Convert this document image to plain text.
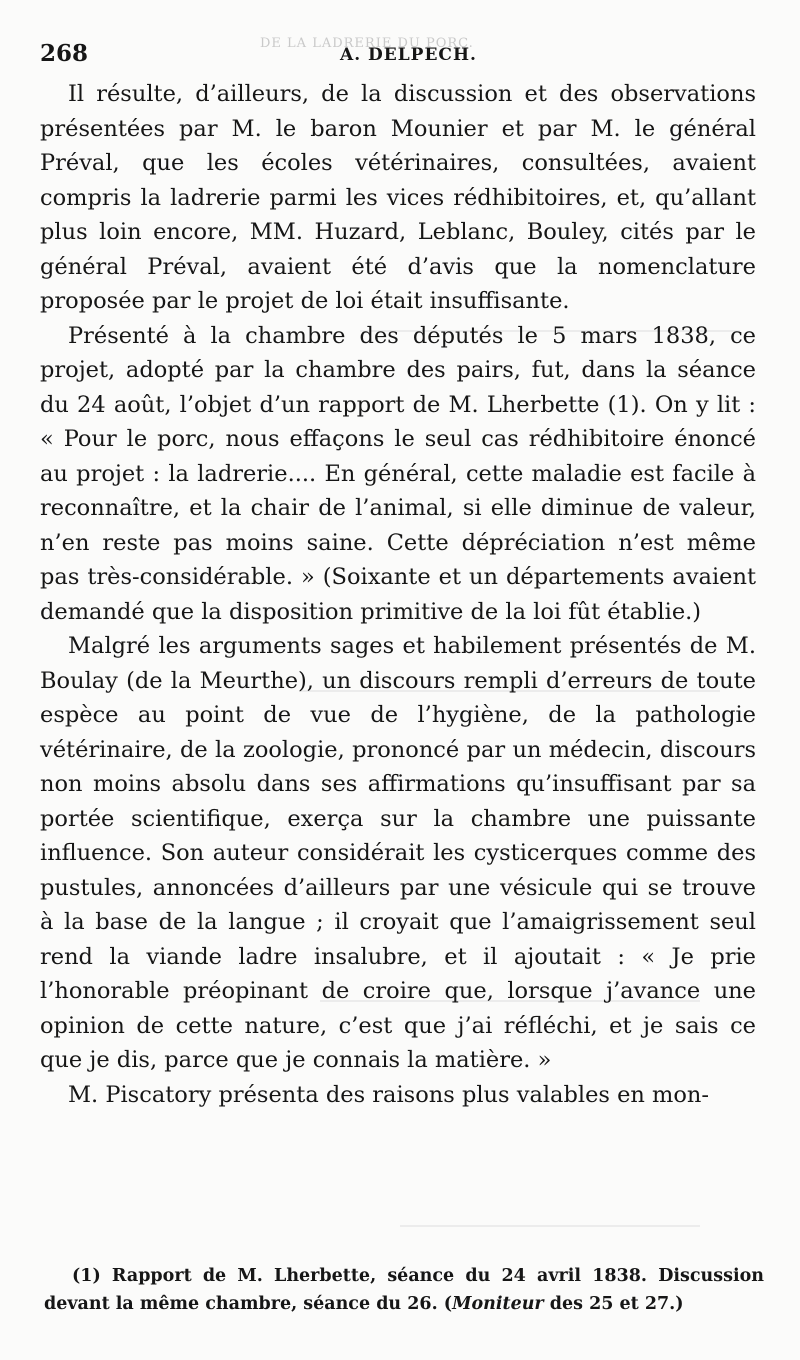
DE LA LADRERIE DU PORC.
268	A. DELPECH.

Il résulte, d’ailleurs, de la discussion et des observations présentées par M. le baron Mounier et par M. le général Préval, que les écoles vétérinaires, consultées, avaient compris la ladrerie parmi les vices rédhibitoires, et, qu’allant plus loin encore, MM. Huzard, Leblanc, Bouley, cités par le général Préval, avaient été d’avis que la nomenclature proposée par le projet de loi était insuffisante.

Présenté à la chambre des députés le 5 mars 1838, ce projet, adopté par la chambre des pairs, fut, dans la séance du 24 août, l’objet d’un rapport de M. Lherbette (1). On y lit : « Pour le porc, nous effaçons le seul cas rédhibitoire énoncé au projet : la ladrerie.... En général, cette maladie est facile à reconnaître, et la chair de l’animal, si elle diminue de valeur, n’en reste pas moins saine. Cette dépréciation n’est même pas très-considérable. » (Soixante et un départements avaient demandé que la disposition primitive de la loi fût établie.)

Malgré les arguments sages et habilement présentés de M. Boulay (de la Meurthe), un discours rempli d’erreurs de toute espèce au point de vue de l’hygiène, de la pathologie vétérinaire, de la zoologie, prononcé par un médecin, discours non moins absolu dans ses affirmations qu’insuffisant par sa portée scientifique, exerça sur la chambre une puissante influence. Son auteur considérait les cysticerques comme des pustules, annoncées d’ailleurs par une vésicule qui se trouve à la base de la langue ; il croyait que l’amaigrissement seul rend la viande ladre insalubre, et il ajoutait : « Je prie l’honorable préopinant de croire que, lorsque j’avance une opinion de cette nature, c’est que j’ai réfléchi, et je sais ce que je dis, parce que je connais la matière. »

M. Piscatory présenta des raisons plus valables en mon-

(1) Rapport de M. Lherbette, séance du 24 avril 1838. Discussion devant la même chambre, séance du 26. (Moniteur des 25 et 27.)
